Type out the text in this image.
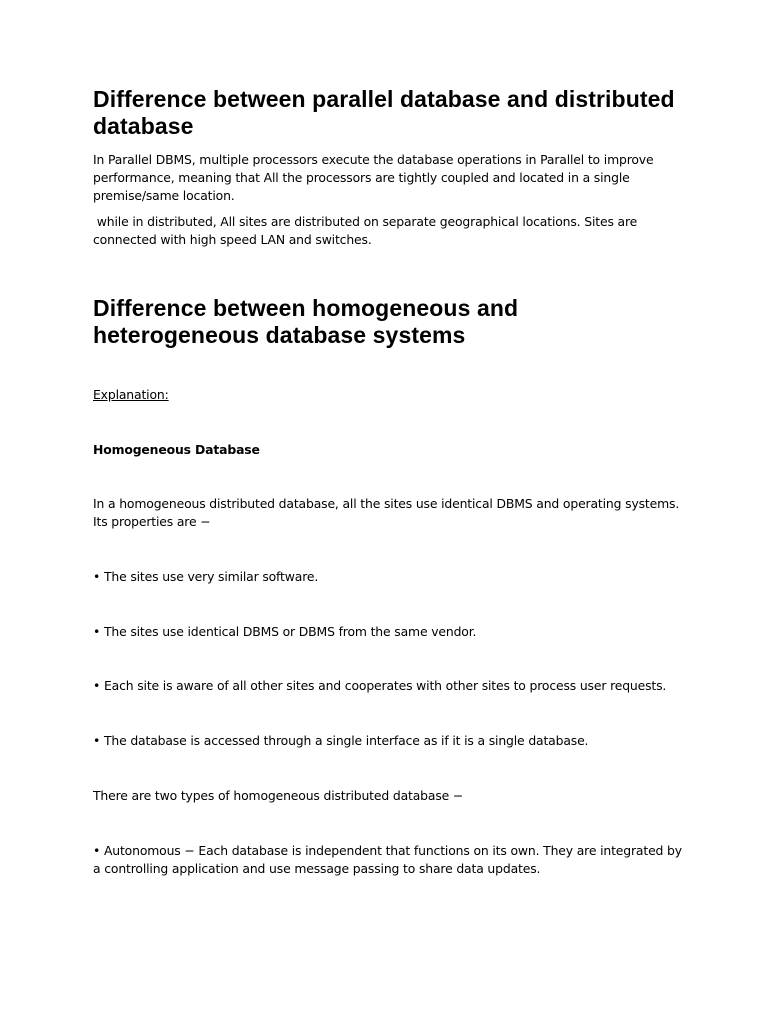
Difference between parallel database and distributed database

In Parallel DBMS, multiple processors execute the database operations in Parallel to improve performance, meaning that All the processors are tightly coupled and located in a single premise/same location.

while in distributed, All sites are distributed on separate geographical locations. Sites are connected with high speed LAN and switches.

Difference between homogeneous and heterogeneous database systems

Explanation:

Homogeneous Database

In a homogeneous distributed database, all the sites use identical DBMS and operating systems. Its properties are −

• The sites use very similar software.

• The sites use identical DBMS or DBMS from the same vendor.

• Each site is aware of all other sites and cooperates with other sites to process user requests.

• The database is accessed through a single interface as if it is a single database.

There are two types of homogeneous distributed database −

• Autonomous − Each database is independent that functions on its own. They are integrated by a controlling application and use message passing to share data updates.
